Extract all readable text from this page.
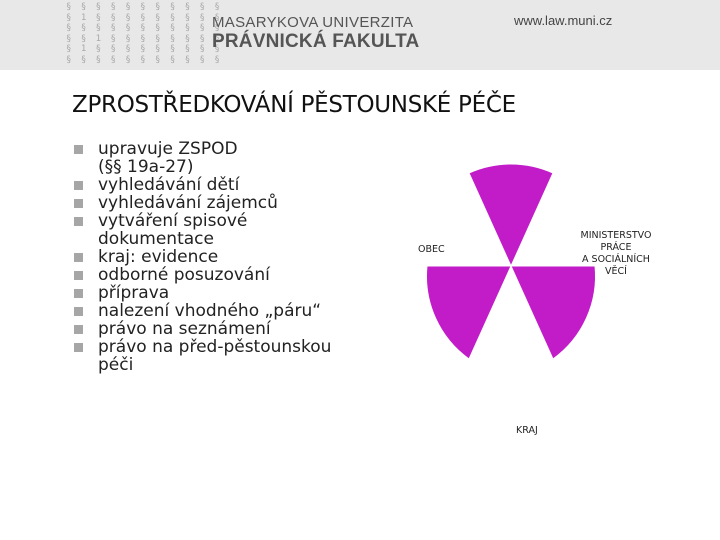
§ § § § § § § § § § §
§ 1 § § § § § § § § §
§ § § § § § § § § § §
§ § 1 § § § § § § § §
§ 1 § § § § § § § § §
§ § § § § § § § § § §
MASARYKOVA UNIVERZITA
PRÁVNICKÁ FAKULTA
www.law.muni.cz
ZPROSTŘEDKOVÁNÍ PĚSTOUNSKÉ PÉČE
upravuje ZSPOD
(§§ 19a-27)
vyhledávání dětí
vyhledávání zájemců
vytváření spisové
dokumentace
kraj: evidence
odborné posuzování
příprava
nalezení vhodného „páru“
právo na seznámení
právo na před-pěstounskou
péči
OBEC
MINISTERSTVO
PRÁCE
A SOCIÁLNÍCH
VĚCÍ
KRAJ
